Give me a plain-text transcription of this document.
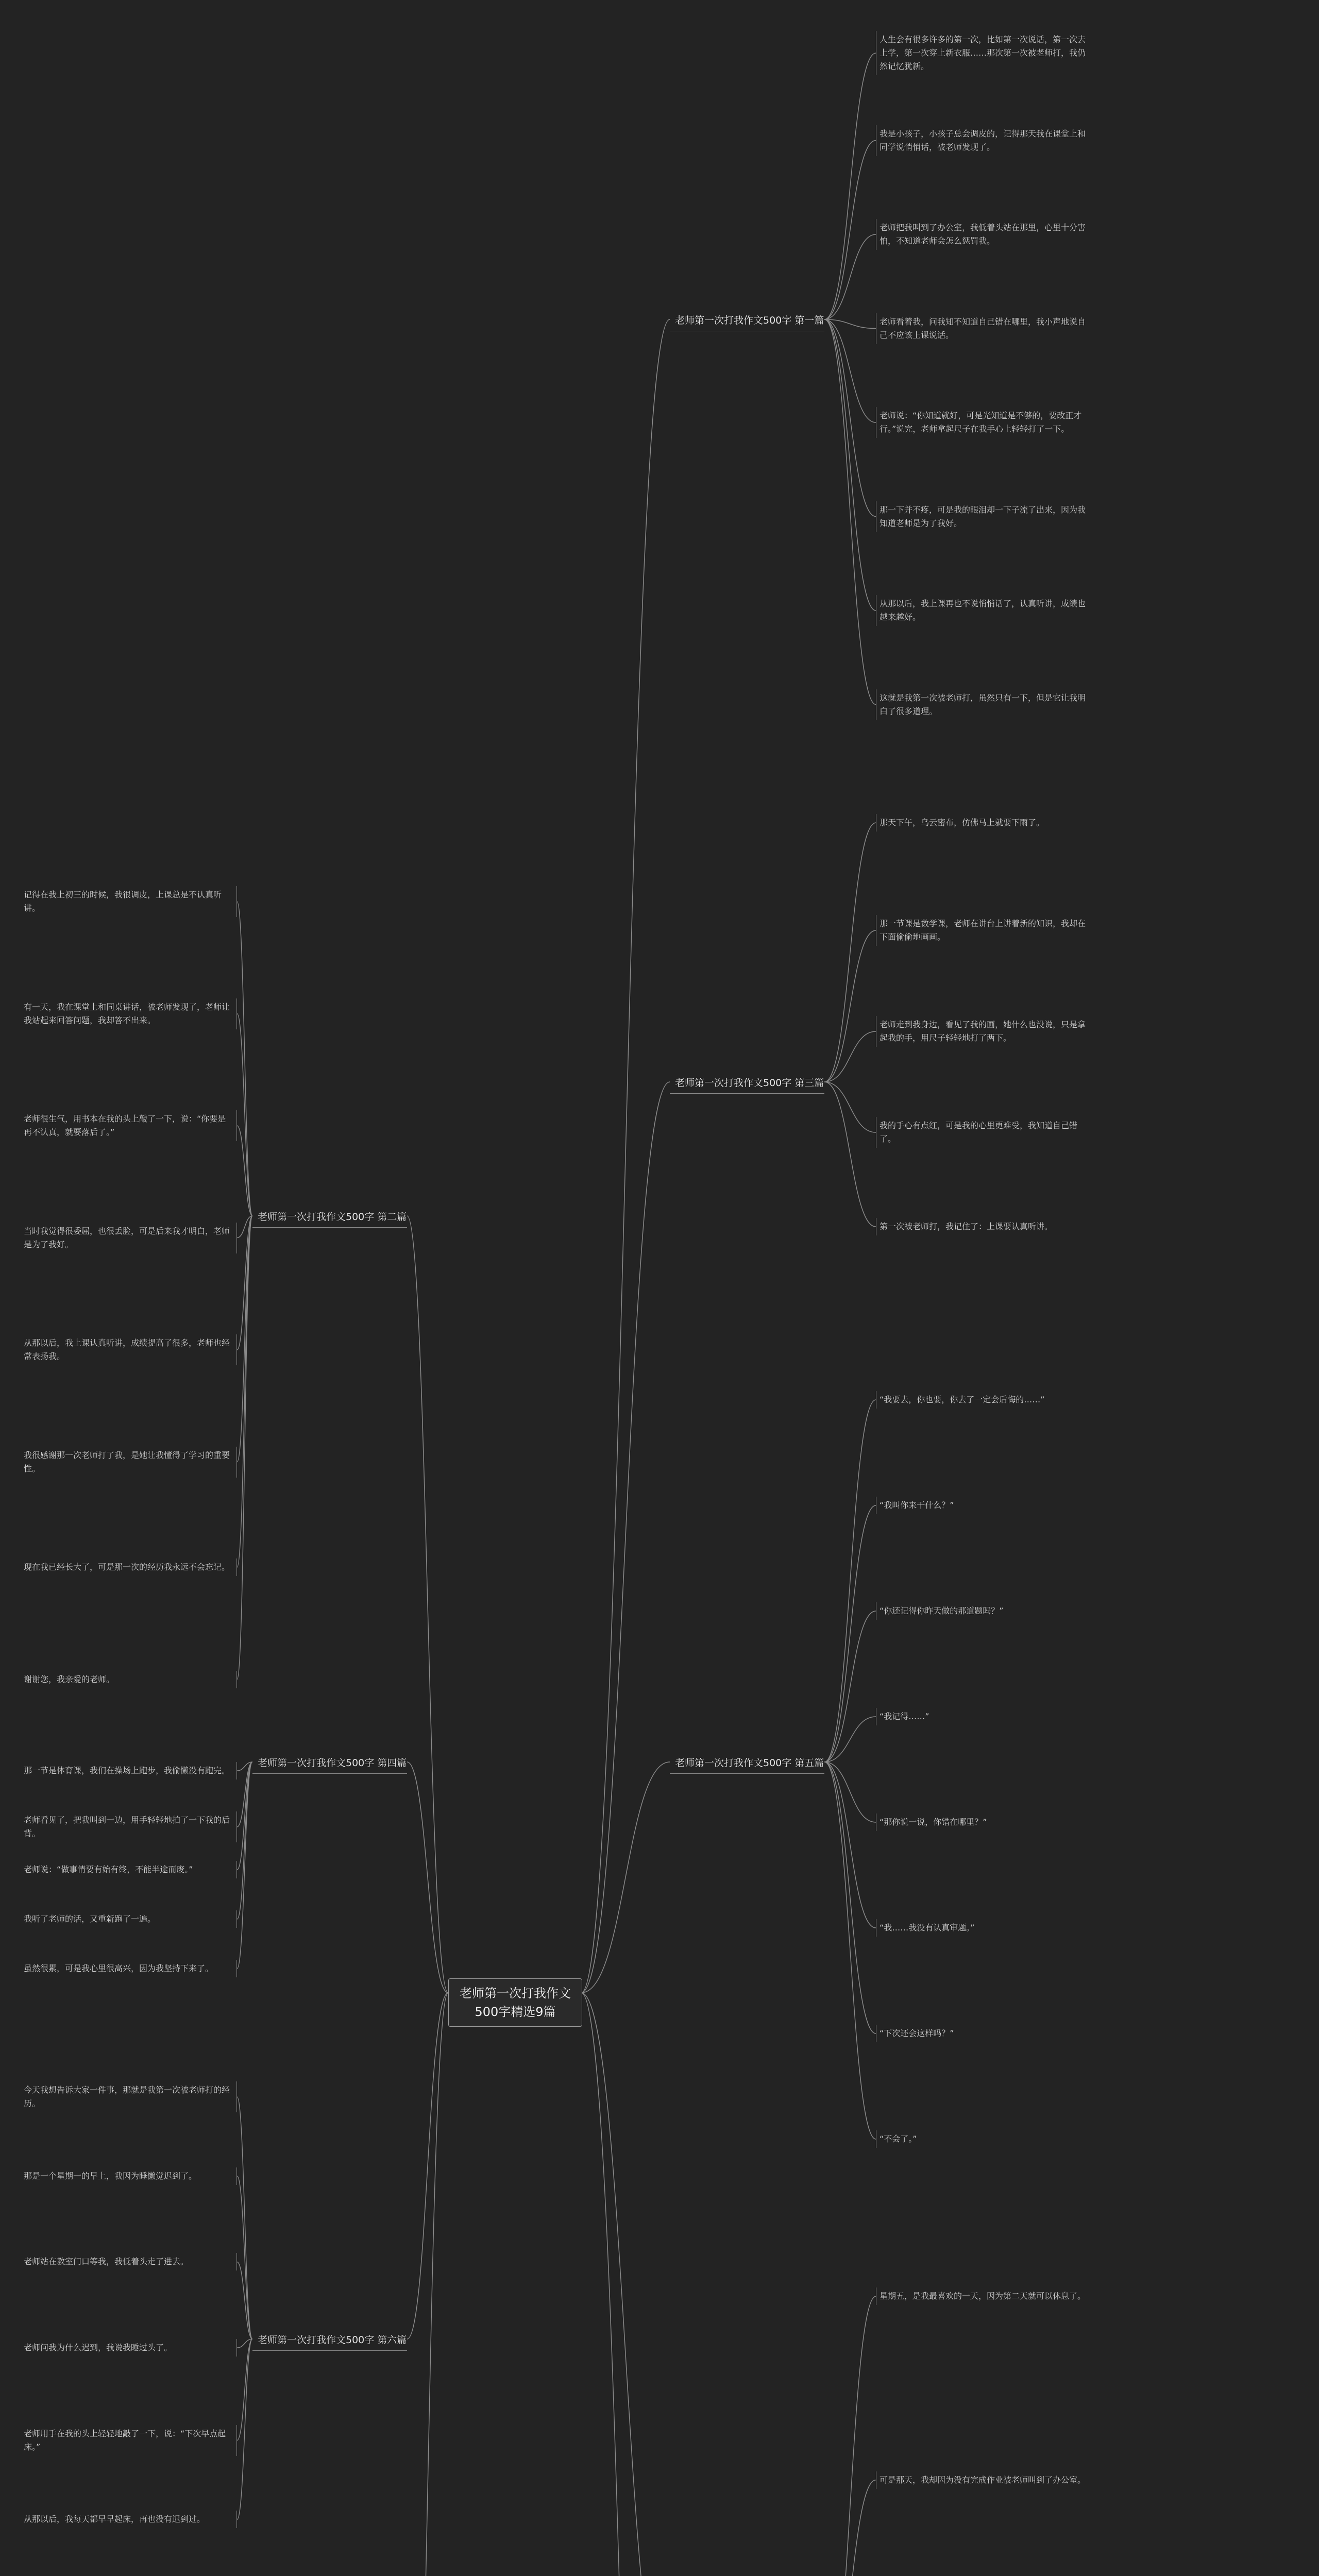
老师第一次打我作文500字精选9篇
老师第一次打我作文500字 第一篇
人生会有很多许多的第一次，比如第一次说话，第一次去上学，第一次穿上新衣服……那次第一次被老师打，我仍然记忆犹新。
我是小孩子，小孩子总会调皮的，记得那天我在课堂上和同学说悄悄话，被老师发现了。
老师把我叫到了办公室，我低着头站在那里，心里十分害怕，不知道老师会怎么惩罚我。
老师看着我，问我知不知道自己错在哪里，我小声地说自己不应该上课说话。
老师说：“你知道就好，可是光知道是不够的，要改正才行。”说完，老师拿起尺子在我手心上轻轻打了一下。
那一下并不疼，可是我的眼泪却一下子流了出来，因为我知道老师是为了我好。
从那以后，我上课再也不说悄悄话了，认真听讲，成绩也越来越好。
这就是我第一次被老师打，虽然只有一下，但是它让我明白了很多道理。
老师第一次打我作文500字 第三篇
那天下午，乌云密布，仿佛马上就要下雨了。
那一节课是数学课，老师在讲台上讲着新的知识，我却在下面偷偷地画画。
老师走到我身边，看见了我的画，她什么也没说，只是拿起我的手，用尺子轻轻地打了两下。
我的手心有点红，可是我的心里更难受，我知道自己错了。
第一次被老师打，我记住了：上课要认真听讲。
老师第一次打我作文500字 第五篇
“我要去，你也要，你去了一定会后悔的……”
“我叫你来干什么？”
“你还记得你昨天做的那道题吗？”
“我记得……”
“那你说一说，你错在哪里？”
“我……我没有认真审题。”
“下次还会这样吗？”
“不会了。”
星期五，是我最喜欢的一天，因为第二天就可以休息了。
可是那天，我却因为没有完成作业被老师叫到了办公室。
老师第一次打我作文500字 第二篇
记得在我上初三的时候，我很调皮，上课总是不认真听讲。
有一天，我在课堂上和同桌讲话，被老师发现了，老师让我站起来回答问题，我却答不出来。
老师很生气，用书本在我的头上敲了一下，说：“你要是再不认真，就要落后了。”
当时我觉得很委屈，也很丢脸，可是后来我才明白，老师是为了我好。
从那以后，我上课认真听讲，成绩提高了很多，老师也经常表扬我。
我很感谢那一次老师打了我，是她让我懂得了学习的重要性。
现在我已经长大了，可是那一次的经历我永远不会忘记。
谢谢您，我亲爱的老师。
老师第一次打我作文500字 第四篇
那一节是体育课，我们在操场上跑步，我偷懒没有跑完。
老师看见了，把我叫到一边，用手轻轻地拍了一下我的后背。
老师说：“做事情要有始有终，不能半途而废。”
我听了老师的话，又重新跑了一遍。
虽然很累，可是我心里很高兴，因为我坚持下来了。
老师第一次打我作文500字 第六篇
今天我想告诉大家一件事，那就是我第一次被老师打的经历。
那是一个星期一的早上，我因为睡懒觉迟到了。
老师站在教室门口等我，我低着头走了进去。
老师问我为什么迟到，我说我睡过头了。
老师用手在我的头上轻轻地敲了一下，说：“下次早点起床。”
从那以后，我每天都早早起床，再也没有迟到过。
